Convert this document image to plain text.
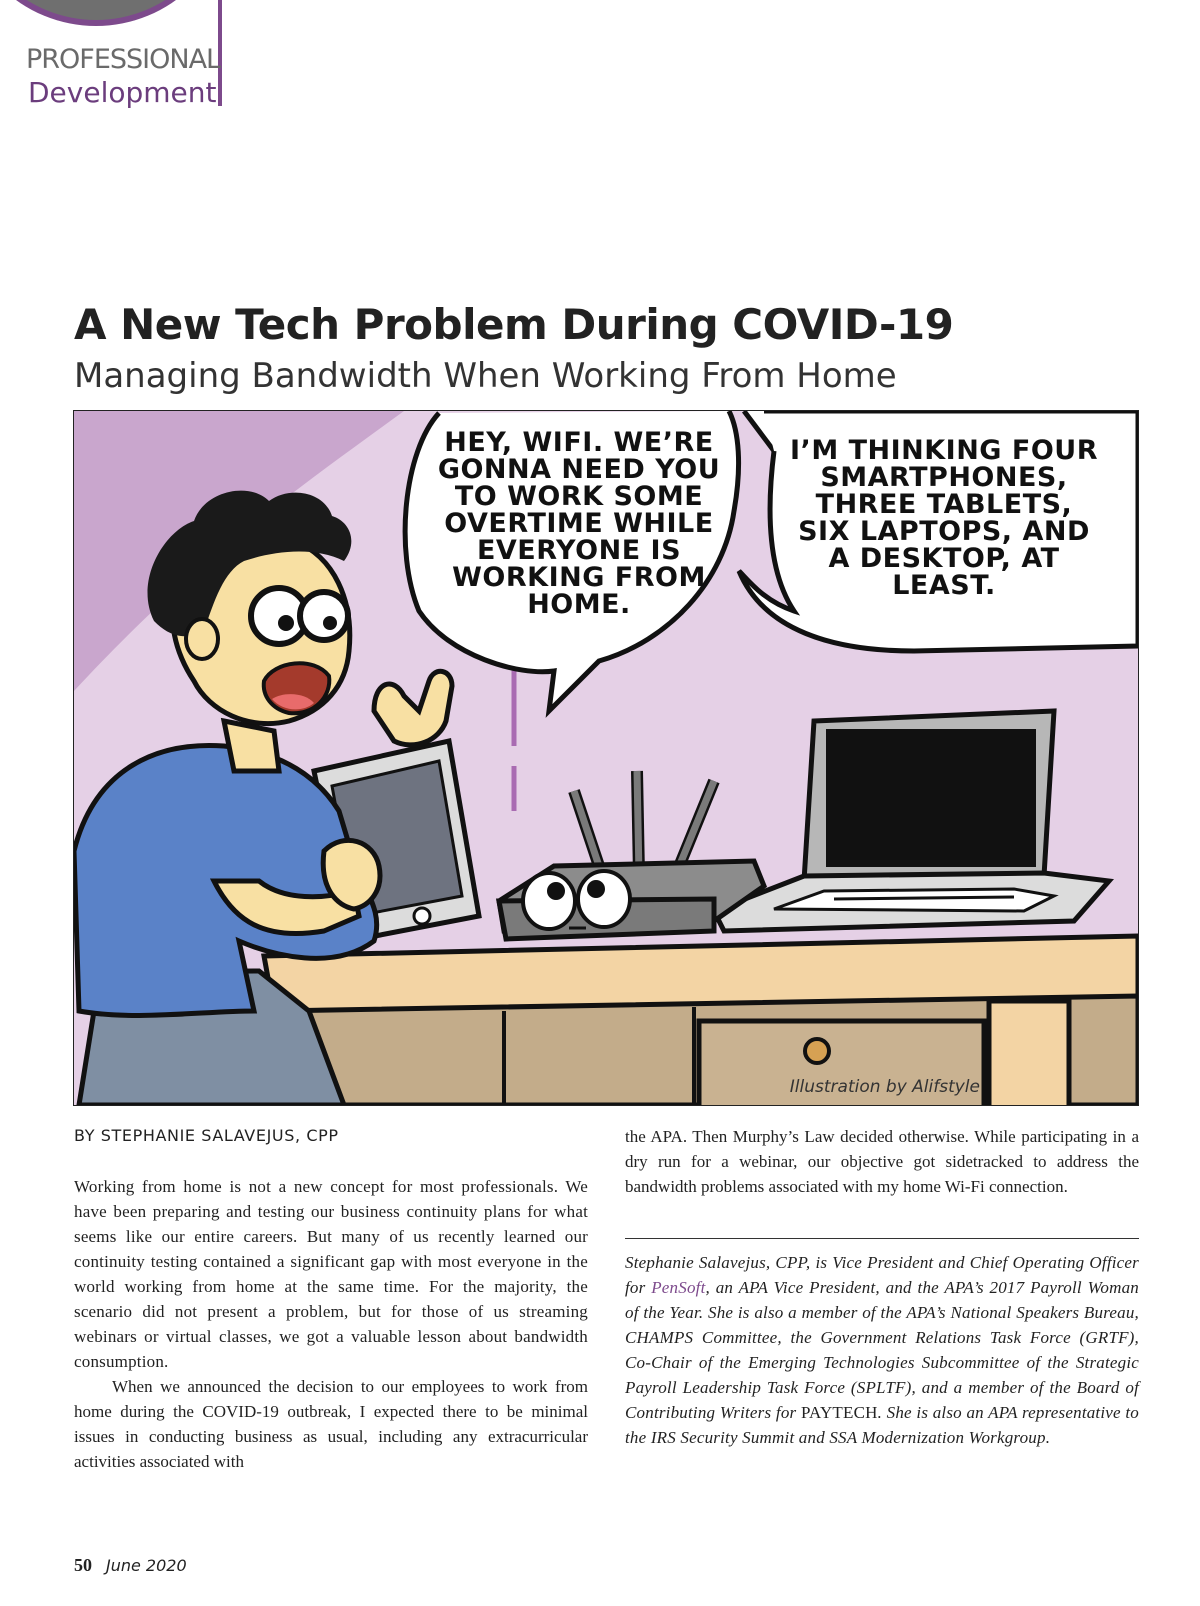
PROFESSIONAL
Development
A New Tech Problem During COVID-19
Managing Bandwidth When Working From Home
HEY, WIFI. WE’RE
GONNA NEED YOU
TO WORK SOME
OVERTIME WHILE
EVERYONE IS
WORKING FROM
HOME.
I’M THINKING FOUR
SMARTPHONES,
THREE TABLETS,
SIX LAPTOPS, AND
A DESKTOP, AT
LEAST.
Illustration by Alifstyle
BY STEPHANIE SALAVEJUS, CPP

Working from home is not a new concept for most professionals. We have been preparing and testing our business continuity plans for what seems like our entire careers. But many of us recently learned our continuity testing contained a significant gap with most everyone in the world working from home at the same time. For the majority, the scenario did not present a problem, but for those of us streaming webinars or virtual classes, we got a valuable lesson about bandwidth consumption.

When we announced the decision to our employees to work from home during the COVID-19 outbreak, I expected there to be minimal issues in conducting business as usual, including any extracurricular activities associated with

the APA. Then Murphy’s Law decided otherwise. While participating in a dry run for a webinar, our objective got sidetracked to address the bandwidth problems associated with my home Wi-Fi connection.

Stephanie Salavejus, CPP, is Vice President and Chief Operating Officer for PenSoft, an APA Vice President, and the APA’s 2017 Payroll Woman of the Year. She is also a member of the APA’s National Speakers Bureau, CHAMPS Committee, the Government Relations Task Force (GRTF), Co-Chair of the Emerging Technologies Subcommittee of the Strategic Payroll Leadership Task Force (SPLTF), and a member of the Board of Contributing Writers for PAYTECH. She is also an APA representative to the IRS Security Summit and SSA Modernization Workgroup.
50 June 2020
